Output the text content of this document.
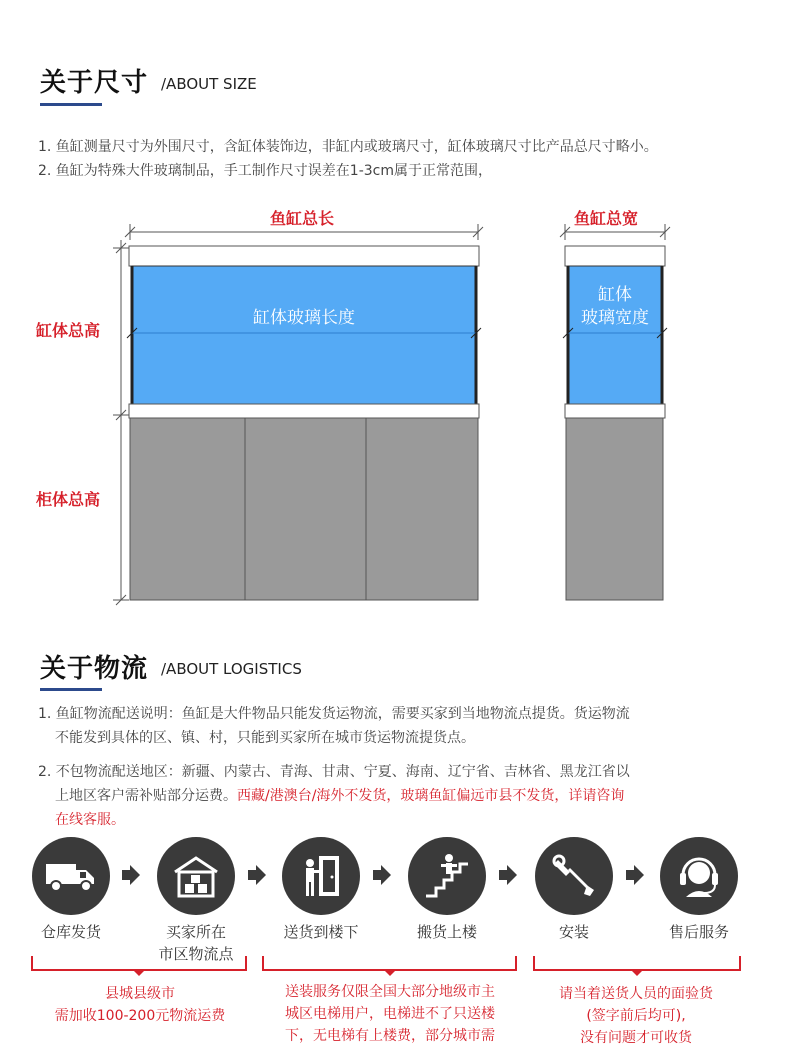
关于尺寸 /ABOUT SIZE
1. 鱼缸测量尺寸为外围尺寸，含缸体装饰边，非缸内或玻璃尺寸，缸体玻璃尺寸比产品总尺寸略小。
2. 鱼缸为特殊大件玻璃制品，手工制作尺寸误差在1-3cm属于正常范围，
鱼缸总长	鱼缸总宽
缸体总高
柜体总高
缸体玻璃长度
缸体
玻璃宽度
关于物流 /ABOUT LOGISTICS
1. 鱼缸物流配送说明：鱼缸是大件物品只能发货运物流，需要买家到当地物流点提货。货运物流
不能发到具体的区、镇、村，只能到买家所在城市货运物流提货点。
2. 不包物流配送地区：新疆、内蒙古、青海、甘肃、宁夏、海南、辽宁省、吉林省、黑龙江省以
上地区客户需补贴部分运费。西藏/港澳台/海外不发货，玻璃鱼缸偏远市县不发货，详请咨询
在线客服。
仓库发货	买家所在
市区物流点
送货到楼下	搬货上楼	安装	售后服务
县城县级市
需加收100-200元物流运费
送装服务仅限全国大部分地级市主
城区电梯用户，电梯进不了只送楼
下，无电梯有上楼费，部分城市需
请当着送货人员的面验货
(签字前后均可),
没有问题才可收货
